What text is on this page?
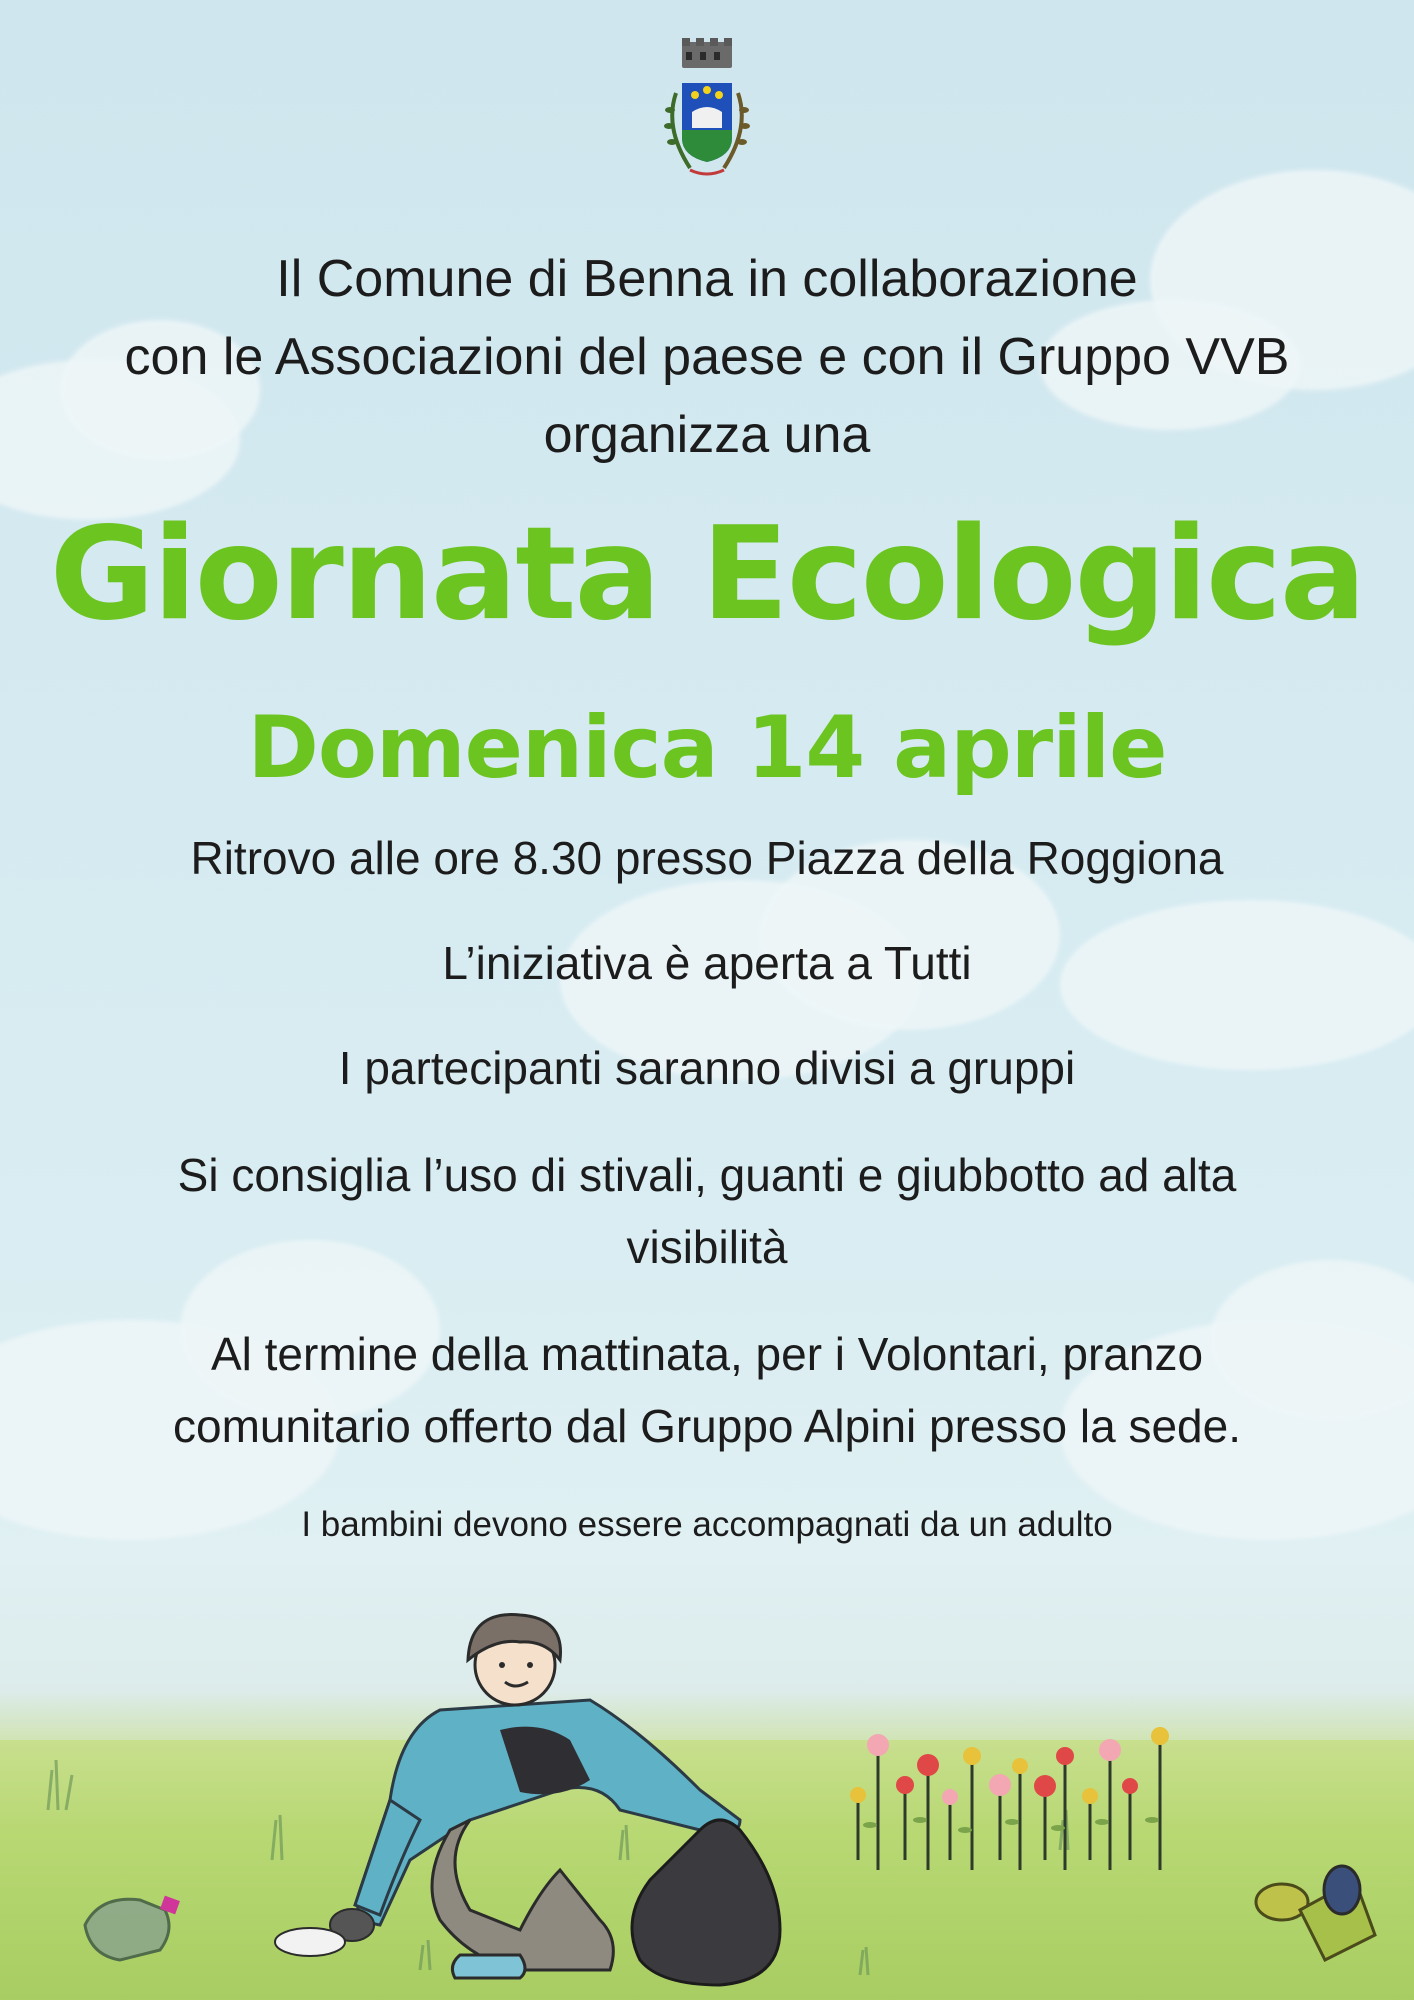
Il Comune di Benna in collaborazione
con le Associazioni del paese e con il Gruppo VVB
organizza una
Giornata Ecologica
Domenica 14 aprile
Ritrovo alle ore 8.30 presso Piazza della Roggiona
L’iniziativa è aperta a Tutti
I partecipanti saranno divisi a gruppi
Si consiglia l’uso di stivali, guanti e giubbotto ad alta
visibilità
Al termine della mattinata, per i Volontari, pranzo
comunitario offerto dal Gruppo Alpini presso la sede.
I bambini devono essere accompagnati da un adulto
